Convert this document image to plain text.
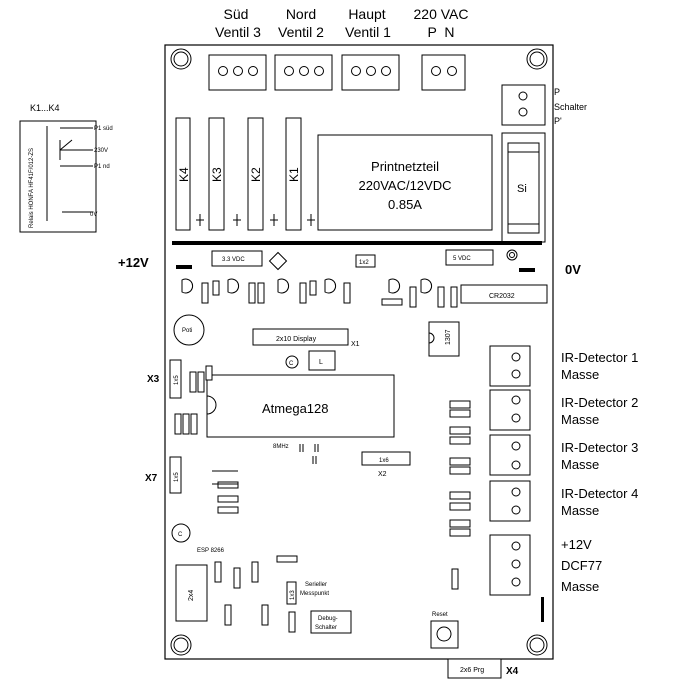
Süd
Ventil 3
Nord
Ventil 2
Haupt
Ventil 1
220 VAC
P  N
K1...K4
Relais HONFA HF41F/012-ZS
P1 süd
230V
P1 nd
0V
P
Schalter
P'
K4 K3 K2 K1
Printnetzteil
220VAC/12VDC
0.85A
Si
+12V	0V
3.3 VDC	1x2
5 VDC
CR2032
Poti
2x10 Display
X1
C	L
1307
X3 1x5
Atmega128
8MHz
1x6
X2
X7	1x5
IR-Detector 1
Masse
IR-Detector 2
Masse
IR-Detector 3
Masse
IR-Detector 4
Masse
+12V
DCF77
Masse
C
ESP 8266
2x4	1x3
Serieller
Messpunkt
Debug-
Schalter
Reset
2x6 Prg X4
